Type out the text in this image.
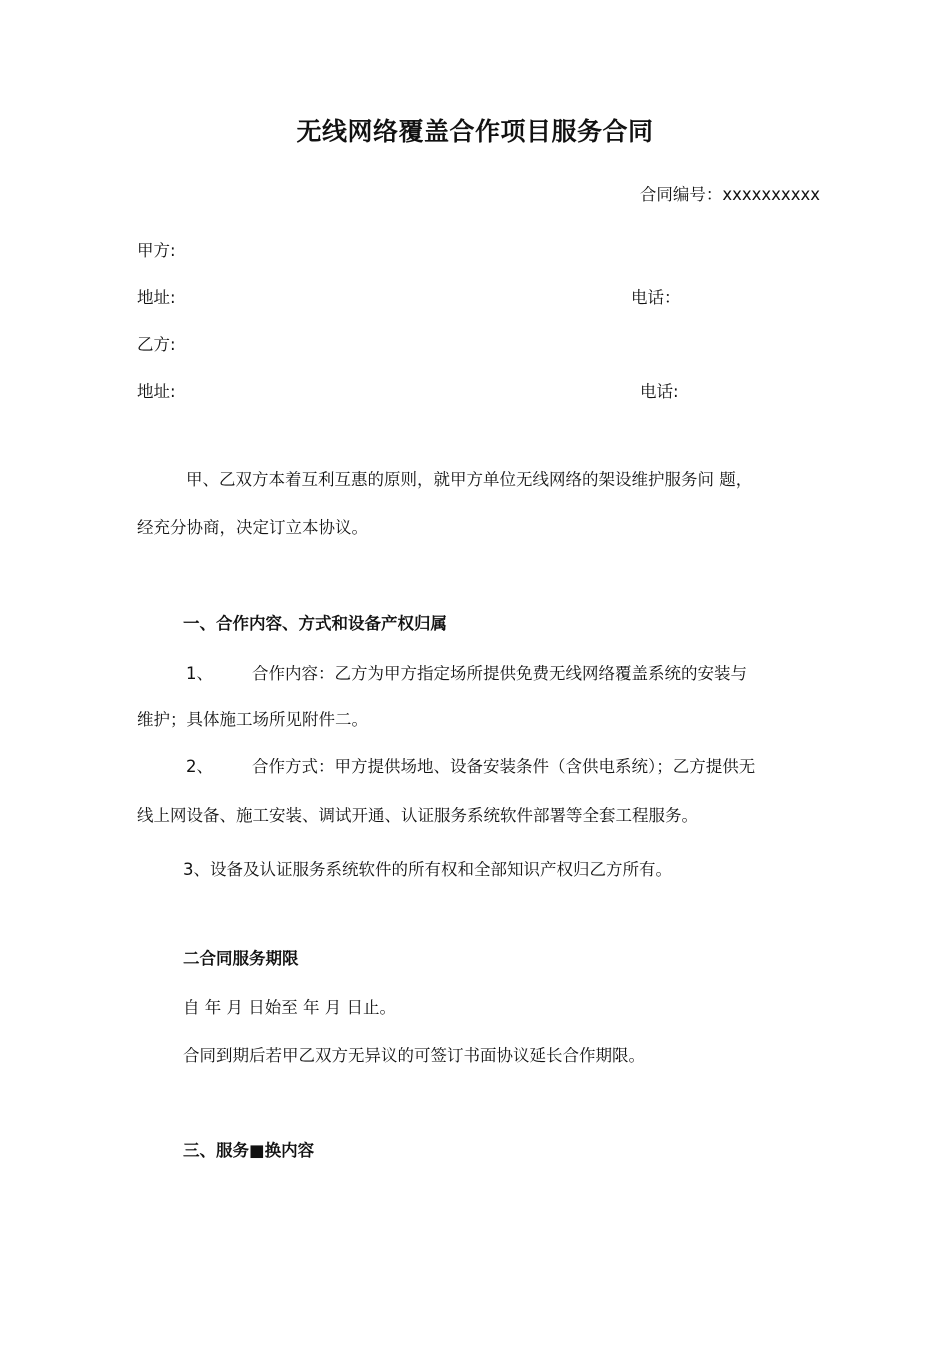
无线网络覆盖合作项目服务合同
合同编号：xxxxxxxxxx
甲方:
地址:	电话：
乙方:
地址:	电话:
甲、乙双方本着互利互惠的原则，就甲方单位无线网络的架设维护服务问 题，
经充分协商，决定订立本协议。
一、合作内容、方式和设备产权归属
1、 合作内容：乙方为甲方指定场所提供免费无线网络覆盖系统的安装与
维护；具体施工场所见附件二。
2、 合作方式：甲方提供场地、设备安装条件（含供电系统）；乙方提供无
线上网设备、施工安装、调试开通、认证服务系统软件部署等全套工程服务。
3、设备及认证服务系统软件的所有权和全部知识产权归乙方所有。
二合同服务期限
自 年 月 日始至 年 月 日止。
合同到期后若甲乙双方无异议的可签订书面协议延长合作期限。
三、服务■换内容
